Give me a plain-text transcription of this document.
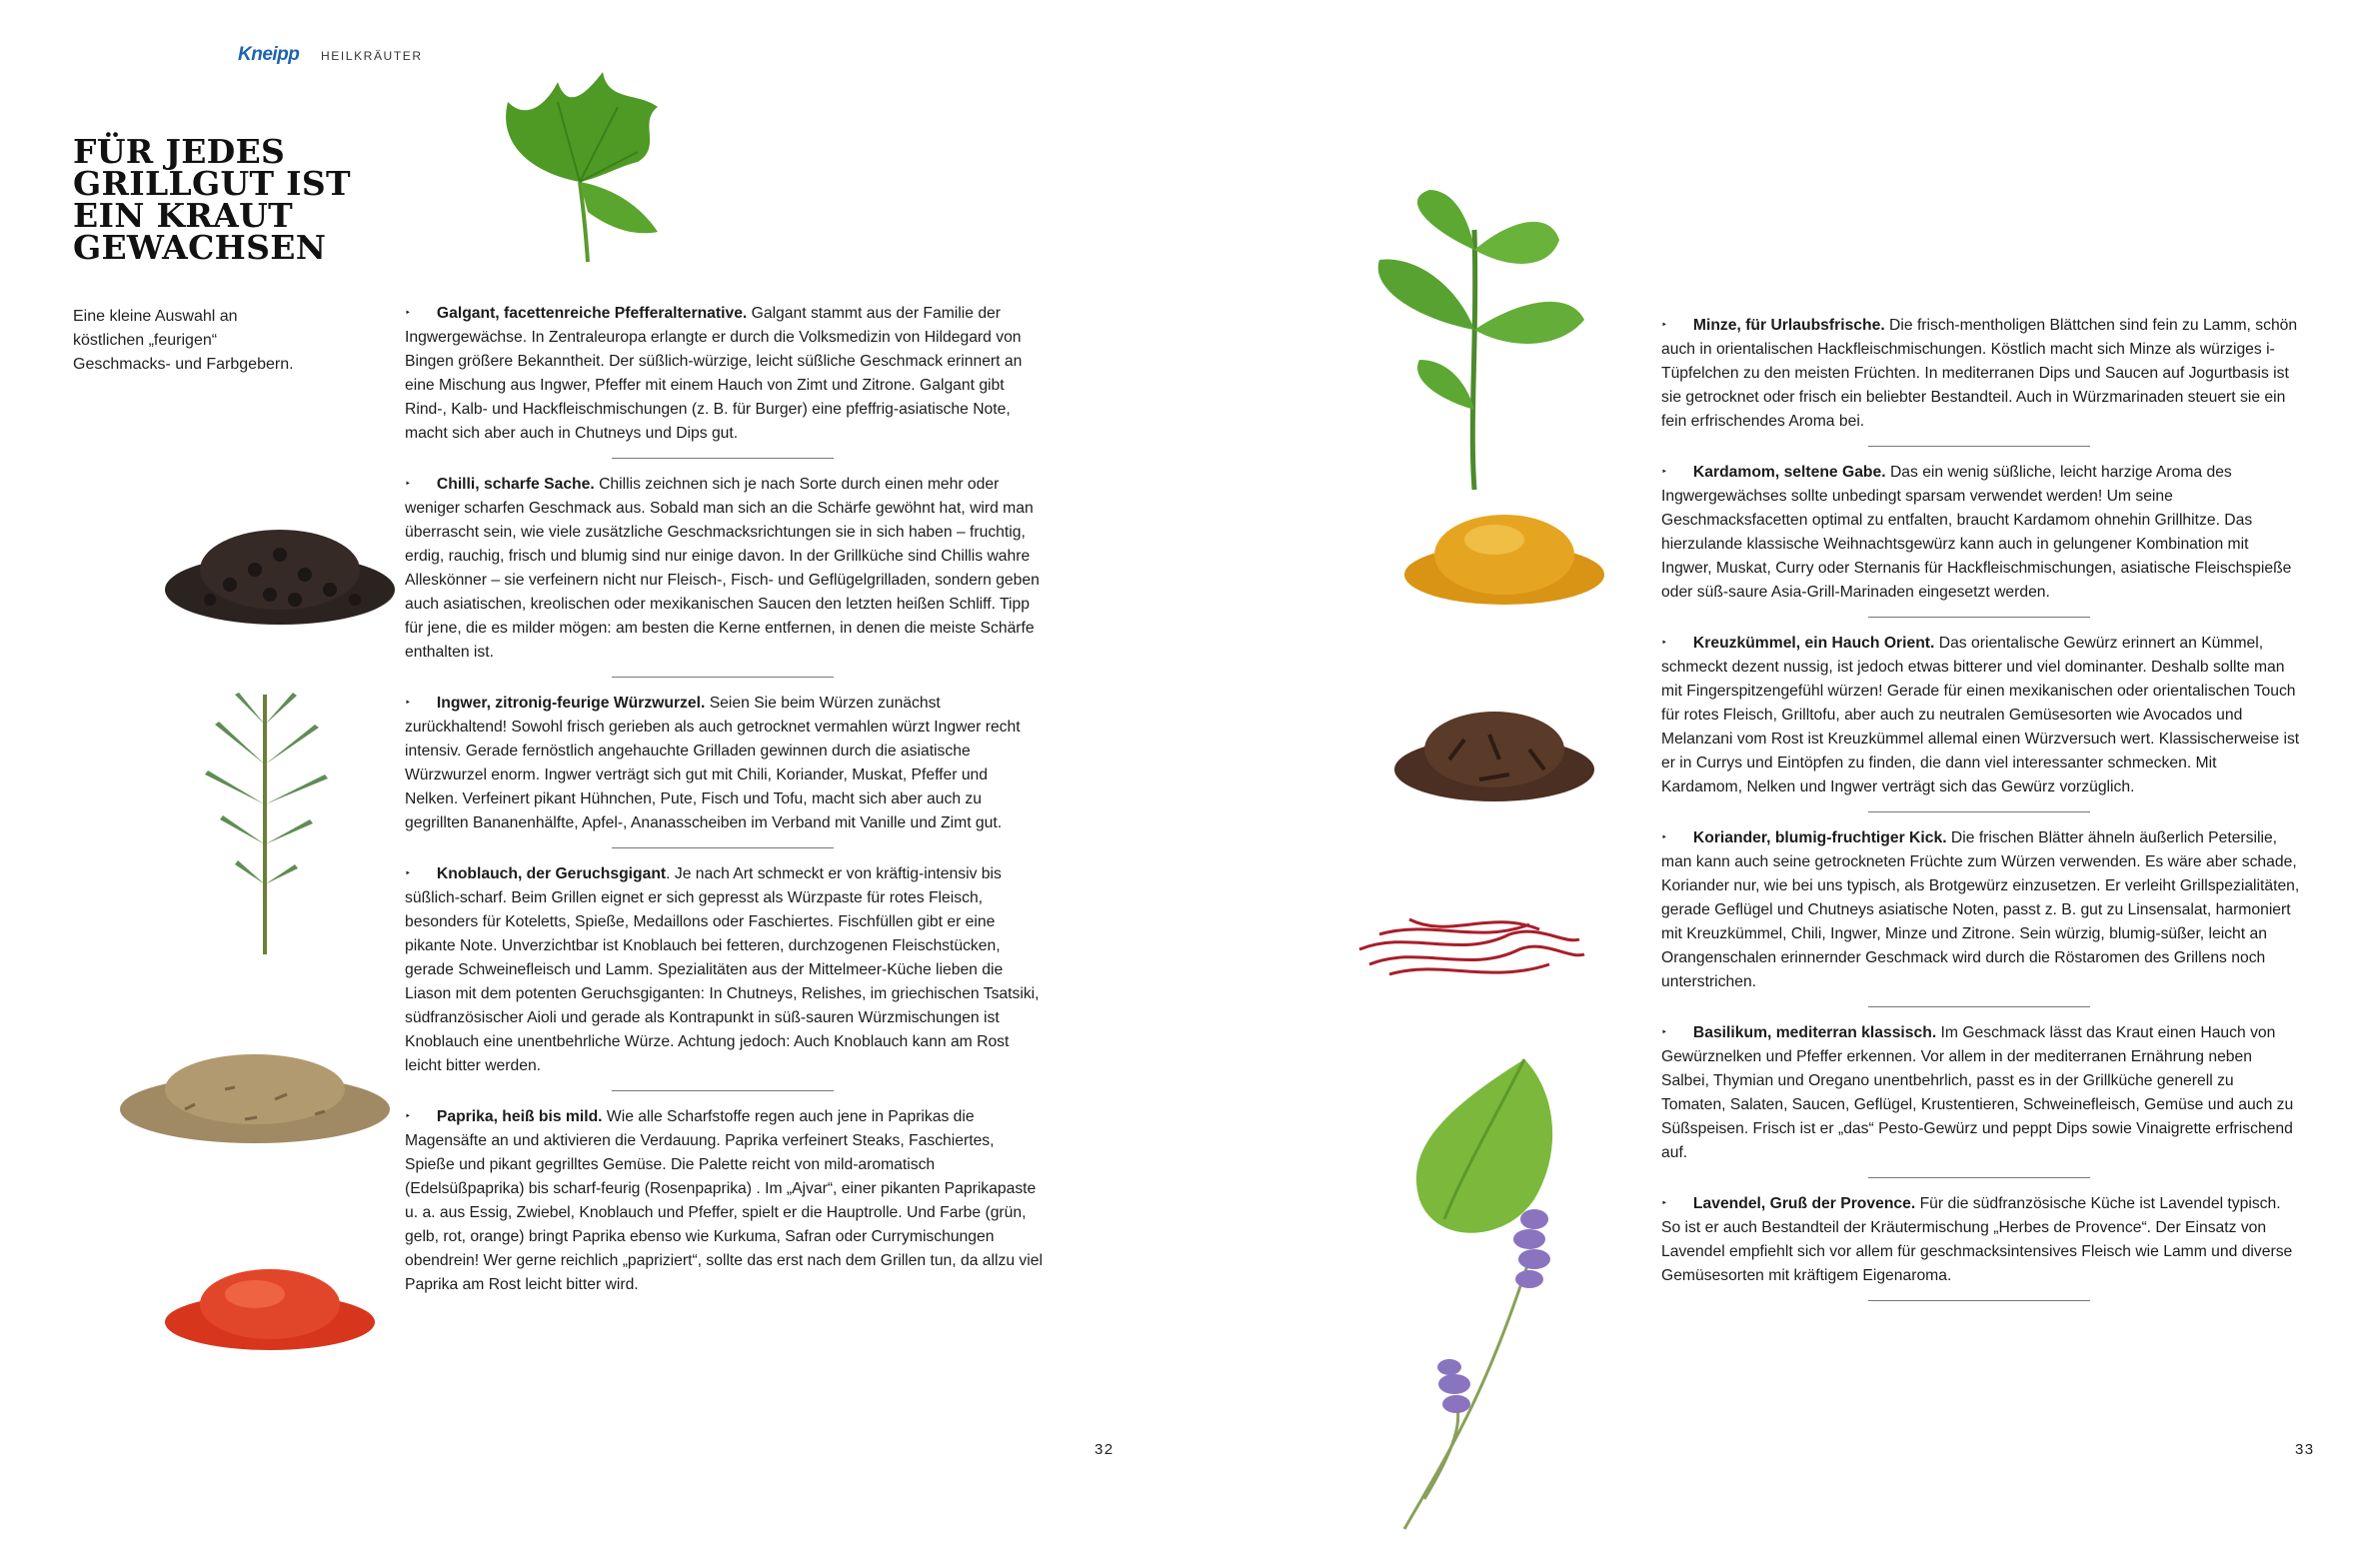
Kneipp HEILKRÄUTER
FÜR JEDES GRILLGUT IST EIN KRAUT GEWACHSEN

Eine kleine Auswahl an köstlichen „feurigen“ Geschmacks- und Farbgebern.

‣ Galgant, facettenreiche Pfefferalternative. Galgant stammt aus der Familie der Ingwergewächse. In Zentraleuropa erlangte er durch die Volksmedizin von Hildegard von Bingen größere Bekanntheit. Der süßlich-würzige, leicht süßliche Geschmack erinnert an eine Mischung aus Ingwer, Pfeffer mit einem Hauch von Zimt und Zitrone. Galgant gibt Rind-, Kalb- und Hackfleischmischungen (z. B. für Burger) eine pfeffrig-asiatische Note, macht sich aber auch in Chutneys und Dips gut.

‣ Chilli, scharfe Sache. Chillis zeichnen sich je nach Sorte durch einen mehr oder weniger scharfen Geschmack aus. Sobald man sich an die Schärfe gewöhnt hat, wird man überrascht sein, wie viele zusätzliche Geschmacksrichtungen sie in sich haben – fruchtig, erdig, rauchig, frisch und blumig sind nur einige davon. In der Grillküche sind Chillis wahre Alleskönner – sie verfeinern nicht nur Fleisch-, Fisch- und Geflügelgrilladen, sondern geben auch asiatischen, kreolischen oder mexikanischen Saucen den letzten heißen Schliff. Tipp für jene, die es milder mögen: am besten die Kerne entfernen, in denen die meiste Schärfe enthalten ist.

‣ Ingwer, zitronig-feurige Würzwurzel. Seien Sie beim Würzen zunächst zurückhaltend! Sowohl frisch gerieben als auch getrocknet vermahlen würzt Ingwer recht intensiv. Gerade fernöstlich angehauchte Grilladen gewinnen durch die asiatische Würzwurzel enorm. Ingwer verträgt sich gut mit Chili, Koriander, Muskat, Pfeffer und Nelken. Verfeinert pikant Hühnchen, Pute, Fisch und Tofu, macht sich aber auch zu gegrillten Bananenhälfte, Apfel-, Ananasscheiben im Verband mit Vanille und Zimt gut.

‣ Knoblauch, der Geruchsgigant. Je nach Art schmeckt er von kräftig-intensiv bis süßlich-scharf. Beim Grillen eignet er sich gepresst als Würzpaste für rotes Fleisch, besonders für Koteletts, Spieße, Medaillons oder Faschiertes. Fischfüllen gibt er eine pikante Note. Unverzichtbar ist Knoblauch bei fetteren, durchzogenen Fleischstücken, gerade Schweinefleisch und Lamm. Spezialitäten aus der Mittelmeer-Küche lieben die Liason mit dem potenten Geruchsgiganten: In Chutneys, Relishes, im griechischen Tsatsiki, südfranzösischer Aioli und gerade als Kontrapunkt in süß-sauren Würzmischungen ist Knoblauch eine unentbehrliche Würze. Achtung jedoch: Auch Knoblauch kann am Rost leicht bitter werden.

‣ Paprika, heiß bis mild. Wie alle Scharfstoffe regen auch jene in Paprikas die Magensäfte an und aktivieren die Verdauung. Paprika verfeinert Steaks, Faschiertes, Spieße und pikant gegrilltes Gemüse. Die Palette reicht von mild-aromatisch (Edelsüßpaprika) bis scharf-feurig (Rosenpaprika) . Im „Ajvar“, einer pikanten Paprikapaste u. a. aus Essig, Zwiebel, Knoblauch und Pfeffer, spielt er die Hauptrolle. Und Farbe (grün, gelb, rot, orange) bringt Paprika ebenso wie Kurkuma, Safran oder Currymischungen obendrein! Wer gerne reichlich „papriziert“, sollte das erst nach dem Grillen tun, da allzu viel Paprika am Rost leicht bitter wird.

32

‣ Minze, für Urlaubsfrische. Die frisch-mentholigen Blättchen sind fein zu Lamm, schön auch in orientalischen Hackfleischmischungen. Köstlich macht sich Minze als würziges i-Tüpfelchen zu den meisten Früchten. In mediterranen Dips und Saucen auf Jogurtbasis ist sie getrocknet oder frisch ein beliebter Bestandteil. Auch in Würzmarinaden steuert sie ein fein erfrischendes Aroma bei.

‣ Kardamom, seltene Gabe. Das ein wenig süßliche, leicht harzige Aroma des Ingwergewächses sollte unbedingt sparsam verwendet werden! Um seine Geschmacksfacetten optimal zu entfalten, braucht Kardamom ohnehin Grillhitze. Das hierzulande klassische Weihnachtsgewürz kann auch in gelungener Kombination mit Ingwer, Muskat, Curry oder Sternanis für Hackfleischmischungen, asiatische Fleischspieße oder süß-saure Asia-Grill-Marinaden eingesetzt werden.

‣ Kreuzkümmel, ein Hauch Orient. Das orientalische Gewürz erinnert an Kümmel, schmeckt dezent nussig, ist jedoch etwas bitterer und viel dominanter. Deshalb sollte man mit Fingerspitzengefühl würzen! Gerade für einen mexikanischen oder orientalischen Touch für rotes Fleisch, Grilltofu, aber auch zu neutralen Gemüsesorten wie Avocados und Melanzani vom Rost ist Kreuzkümmel allemal einen Würzversuch wert. Klassischerweise ist er in Currys und Eintöpfen zu finden, die dann viel interessanter schmecken. Mit Kardamom, Nelken und Ingwer verträgt sich das Gewürz vorzüglich.

‣ Koriander, blumig-fruchtiger Kick. Die frischen Blätter ähneln äußerlich Petersilie, man kann auch seine getrockneten Früchte zum Würzen verwenden. Es wäre aber schade, Koriander nur, wie bei uns typisch, als Brotgewürz einzusetzen. Er verleiht Grillspezialitäten, gerade Geflügel und Chutneys asiatische Noten, passt z. B. gut zu Linsensalat, harmoniert mit Kreuzkümmel, Chili, Ingwer, Minze und Zitrone. Sein würzig, blumig-süßer, leicht an Orangenschalen erinnernder Geschmack wird durch die Röstaromen des Grillens noch unterstrichen.

‣ Basilikum, mediterran klassisch. Im Geschmack lässt das Kraut einen Hauch von Gewürznelken und Pfeffer erkennen. Vor allem in der mediterranen Ernährung neben Salbei, Thymian und Oregano unentbehrlich, passt es in der Grillküche generell zu Tomaten, Salaten, Saucen, Geflügel, Krustentieren, Schweinefleisch, Gemüse und auch zu Süßspeisen. Frisch ist er „das“ Pesto-Gewürz und peppt Dips sowie Vinaigrette erfrischend auf.

‣ Lavendel, Gruß der Provence. Für die südfranzösische Küche ist Lavendel typisch. So ist er auch Bestandteil der Kräutermischung „Herbes de Provence“. Der Einsatz von Lavendel empfiehlt sich vor allem für geschmacksintensives Fleisch wie Lamm und diverse Gemüsesorten mit kräftigem Eigenaroma.

33
